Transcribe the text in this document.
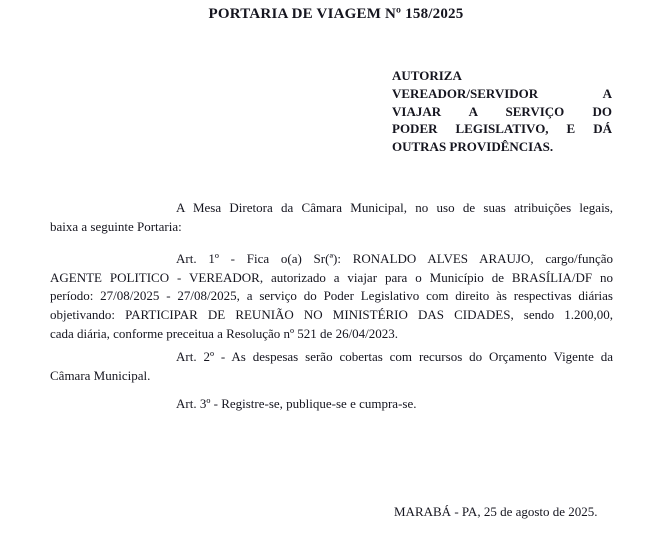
PORTARIA DE VIAGEM Nº 158/2025
AUTORIZA
VEREADOR/SERVIDOR A
VIAJAR A SERVIÇO DO
PODER LEGISLATIVO, E DÁ
OUTRAS PROVIDÊNCIAS.
A Mesa Diretora da Câmara Municipal, no uso de suas atribuições legais,
baixa a seguinte Portaria:
Art. 1º - Fica o(a) Sr(ª): RONALDO ALVES ARAUJO, cargo/função
AGENTE POLITICO - VEREADOR, autorizado a viajar para o Município de BRASÍLIA/DF no
período: 27/08/2025 - 27/08/2025, a serviço do Poder Legislativo com direito às respectivas diárias
objetivando: PARTICIPAR DE REUNIÃO NO MINISTÉRIO DAS CIDADES, sendo 1.200,00,
cada diária, conforme preceitua a Resolução nº 521 de 26/04/2023.
Art. 2º - As despesas serão cobertas com recursos do Orçamento Vigente da
Câmara Municipal.
Art. 3º - Registre-se, publique-se e cumpra-se.
MARABÁ - PA, 25 de agosto de 2025.
